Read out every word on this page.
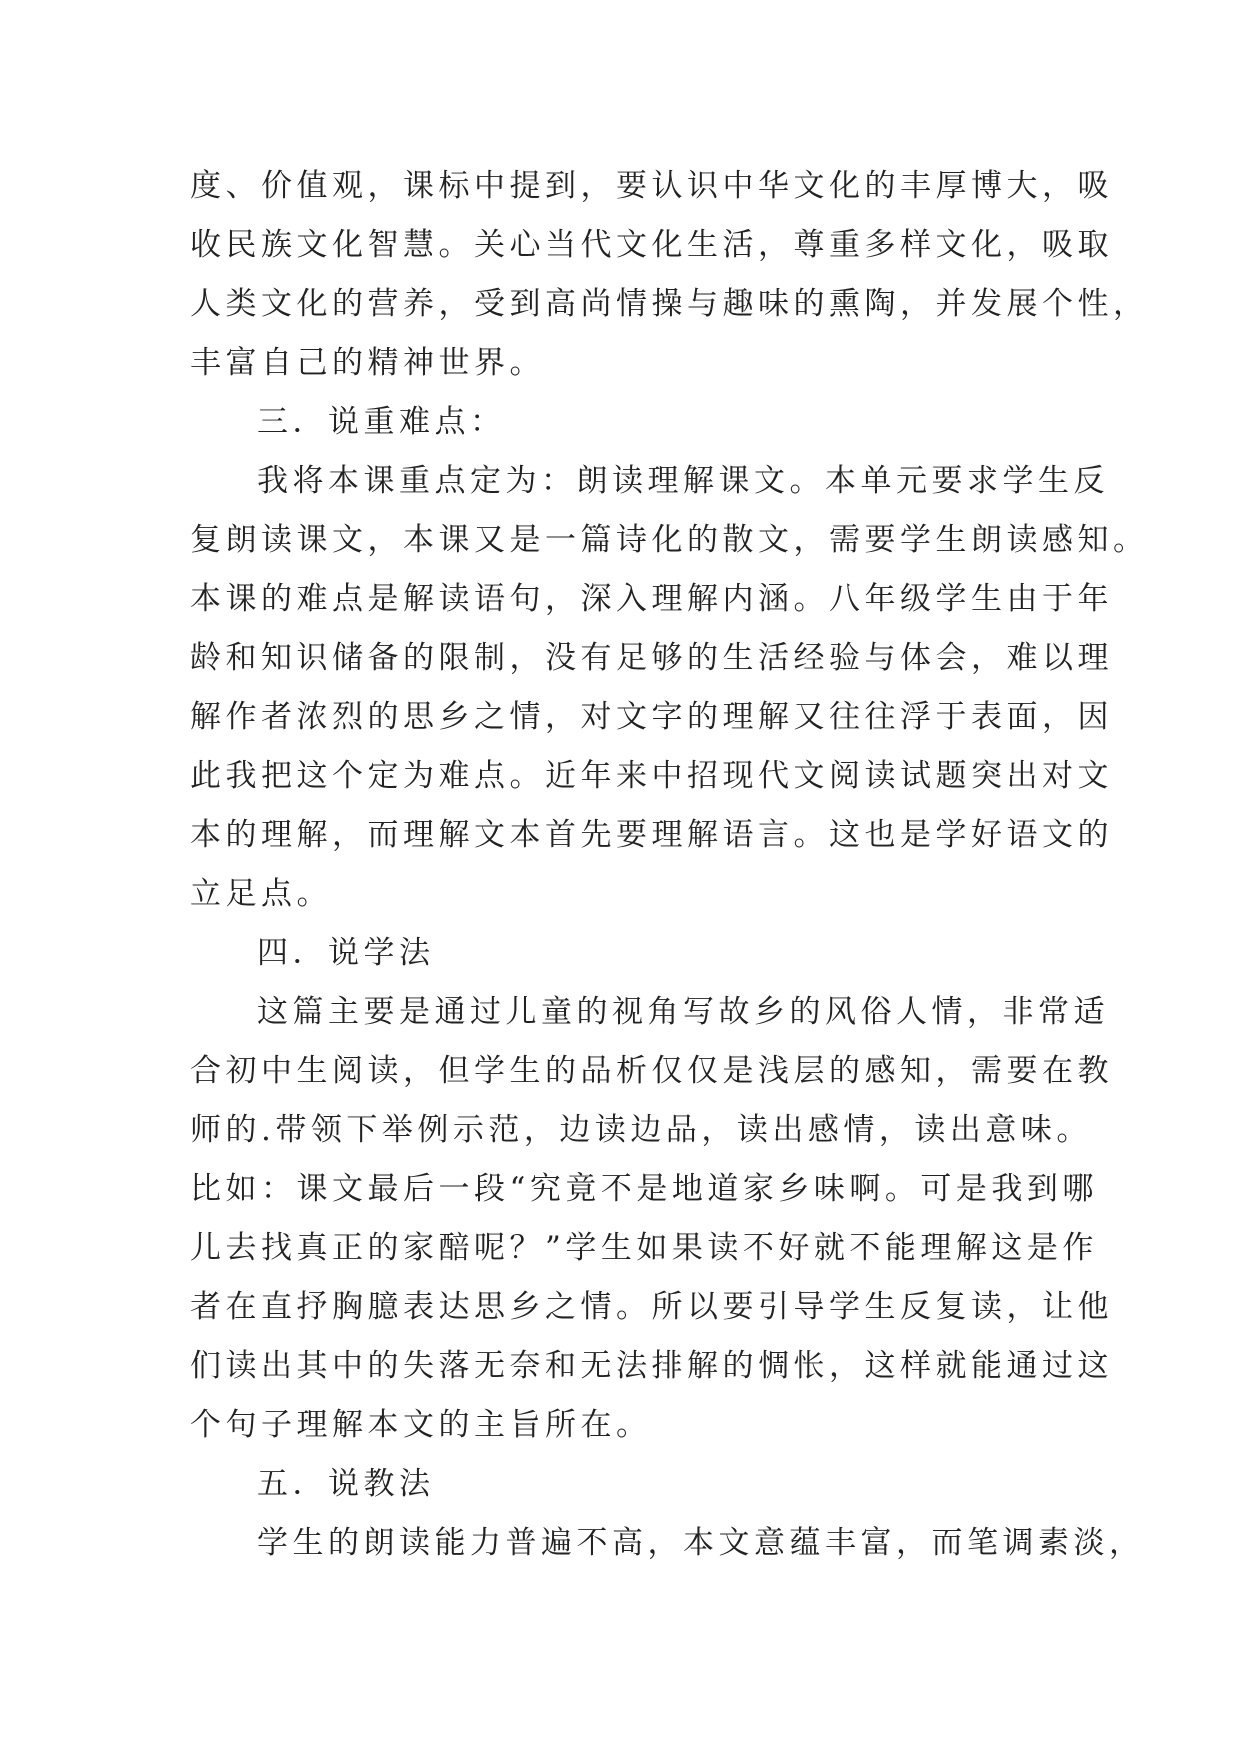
度、价值观，课标中提到，要认识中华文化的丰厚博大，吸
收民族文化智慧。关心当代文化生活，尊重多样文化，吸取
人类文化的营养，受到高尚情操与趣味的熏陶，并发展个性，
丰富自己的精神世界。
三．说重难点：
我将本课重点定为：朗读理解课文。本单元要求学生反
复朗读课文，本课又是一篇诗化的散文，需要学生朗读感知。
本课的难点是解读语句，深入理解内涵。八年级学生由于年
龄和知识储备的限制，没有足够的生活经验与体会，难以理
解作者浓烈的思乡之情，对文字的理解又往往浮于表面，因
此我把这个定为难点。近年来中招现代文阅读试题突出对文
本的理解，而理解文本首先要理解语言。这也是学好语文的
立足点。
四．说学法
这篇主要是通过儿童的视角写故乡的风俗人情，非常适
合初中生阅读，但学生的品析仅仅是浅层的感知，需要在教
师的.带领下举例示范，边读边品，读出感情，读出意味。
比如：课文最后一段“究竟不是地道家乡味啊。可是我到哪
儿去找真正的家醅呢？”学生如果读不好就不能理解这是作
者在直抒胸臆表达思乡之情。所以要引导学生反复读，让他
们读出其中的失落无奈和无法排解的惆怅，这样就能通过这
个句子理解本文的主旨所在。
五．说教法
学生的朗读能力普遍不高，本文意蕴丰富，而笔调素淡，
